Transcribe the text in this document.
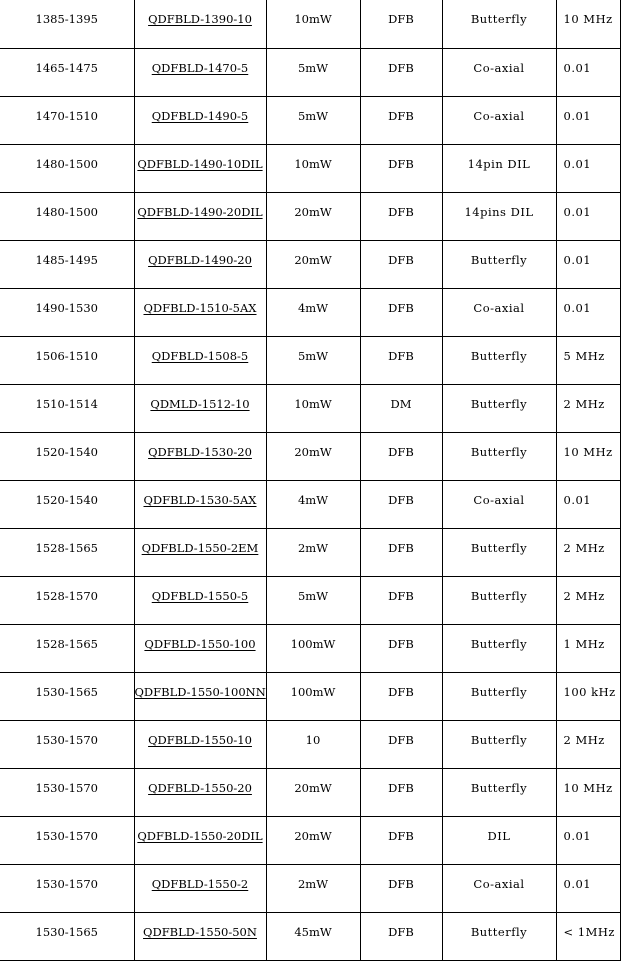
1385-1395	QDFBLD-1390-10	10mW	DFB	Butterfly	10 MHz
1465-1475	QDFBLD-1470-5	5mW	DFB	Co-axial	0.01
1470-1510	QDFBLD-1490-5	5mW	DFB	Co-axial	0.01
1480-1500	QDFBLD-1490-10DIL	10mW	DFB	14pin DIL	0.01
1480-1500	QDFBLD-1490-20DIL	20mW	DFB	14pins DIL	0.01
1485-1495	QDFBLD-1490-20	20mW	DFB	Butterfly	0.01
1490-1530	QDFBLD-1510-5AX	4mW	DFB	Co-axial	0.01
1506-1510	QDFBLD-1508-5	5mW	DFB	Butterfly	5 MHz
1510-1514	QDMLD-1512-10	10mW	DM	Butterfly	2 MHz
1520-1540	QDFBLD-1530-20	20mW	DFB	Butterfly	10 MHz
1520-1540	QDFBLD-1530-5AX	4mW	DFB	Co-axial	0.01
1528-1565	QDFBLD-1550-2EM	2mW	DFB	Butterfly	2 MHz
1528-1570	QDFBLD-1550-5	5mW	DFB	Butterfly	2 MHz
1528-1565	QDFBLD-1550-100	100mW	DFB	Butterfly	1 MHz
1530-1565	QDFBLD-1550-100NN	100mW	DFB	Butterfly	100 kHz
1530-1570	QDFBLD-1550-10	10	DFB	Butterfly	2 MHz
1530-1570	QDFBLD-1550-20	20mW	DFB	Butterfly	10 MHz
1530-1570	QDFBLD-1550-20DIL	20mW	DFB	DIL	0.01
1530-1570	QDFBLD-1550-2	2mW	DFB	Co-axial	0.01
1530-1565	QDFBLD-1550-50N	45mW	DFB	Butterfly	< 1MHz
